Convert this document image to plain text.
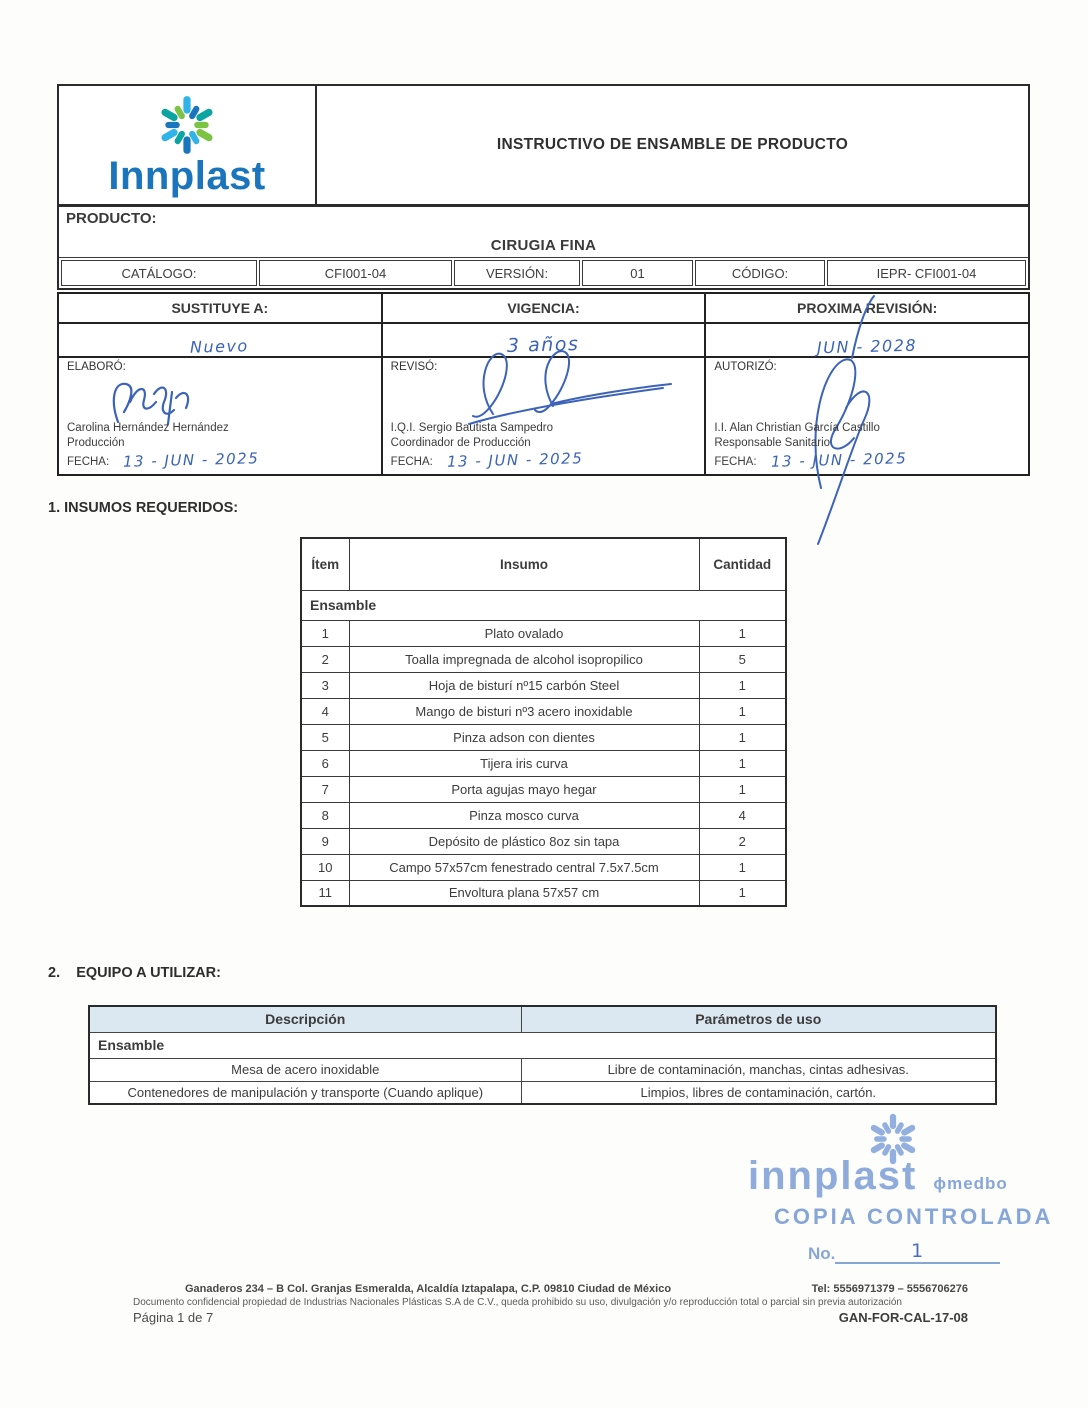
Innplast
INSTRUCTIVO DE ENSAMBLE DE PRODUCTO
PRODUCTO:
CIRUGIA FINA
CATÁLOGO:	CFI001-04	VERSIÓN:	01	CÓDIGO:	IEPR- CFI001-04
SUSTITUYE A:	VIGENCIA:	PROXIMA REVISIÓN:
Nuevo	3 años	JUN - 2028
ELABORÓ:
Carolina Hernández Hernández
Producción
FECHA: 13 - JUN - 2025
REVISÓ:
I.Q.I. Sergio Bautista Sampedro
Coordinador de Producción
FECHA: 13 - JUN - 2025
AUTORIZÓ:
I.I. Alan Christian García Castillo
Responsable Sanitario
FECHA: 13 - JUN - 2025
1. INSUMOS REQUERIDOS:
Ensamble		
Ítem	Insumo	Cantidad
1	Plato ovalado	1
2	Toalla impregnada de alcohol isopropilico	5
3	Hoja de bisturí nº15 carbón Steel	1
4	Mango de bisturi nº3 acero inoxidable	1
5	Pinza adson con dientes	1
6	Tijera iris curva	1
7	Porta agujas mayo hegar	1
8	Pinza mosco curva	4
9	Depósito de plástico 8oz sin tapa	2
10	Campo 57x57cm fenestrado central 7.5x7.5cm	1
11	Envoltura plana 57x57 cm	1
2. EQUIPO A UTILIZAR:
Ensamble	
Descripción	Parámetros de uso
Mesa de acero inoxidable	Libre de contaminación, manchas, cintas adhesivas.
Contenedores de manipulación y transporte (Cuando aplique)	Limpios, libres de contaminación, cartón.
innplast ϕmedbo
COPIA CONTROLADA
No.	1
Ganaderos 234 – B Col. Granjas Esmeralda, Alcaldía Iztapalapa, C.P. 09810 Ciudad de México	Tel: 5556971379 – 5556706276
Documento confidencial propiedad de Industrias Nacionales Plásticas S.A de C.V., queda prohibido su uso, divulgación y/o reproducción total o parcial sin previa autorización
Página 1 de 7	GAN-FOR-CAL-17-08
